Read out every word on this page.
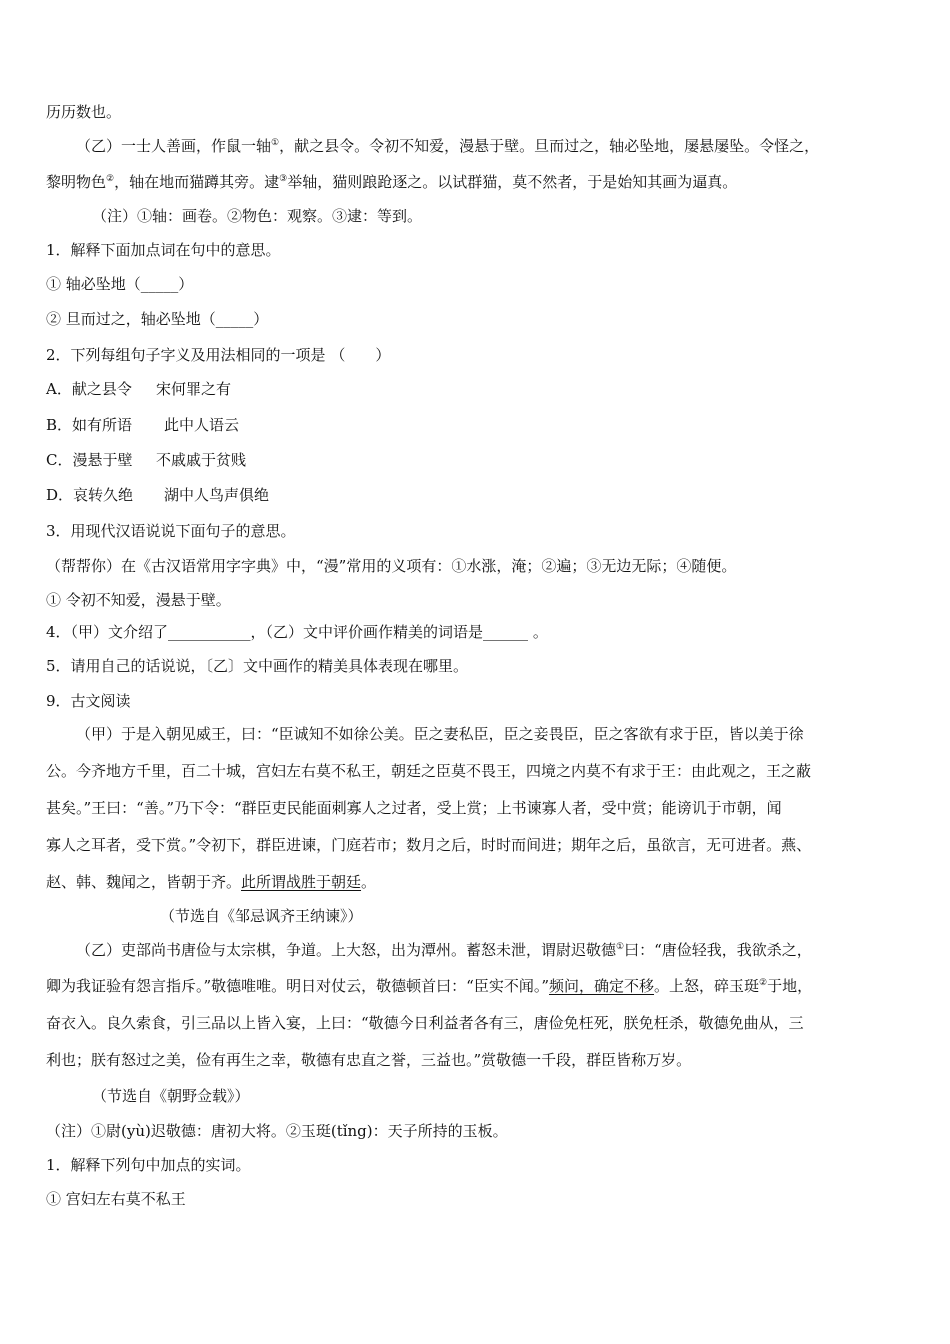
历历数也。
（乙）一士人善画，作鼠一轴①，献之县令。令初不知爱，漫悬于壁。旦而过之，轴必坠地，屡悬屡坠。令怪之，
黎明物色②，轴在地而猫蹲其旁。逮③举轴，猫则踉跄逐之。以试群猫，莫不然者，于是始知其画为逼真。
（注）①轴：画卷。②物色：观察。③逮：等到。
1．解释下面加点词在句中的意思。
① 轴必坠地（_____）
② 旦而过之，轴必坠地（_____）
2．下列每组句子字义及用法相同的一项是 （　　）
A．献之县令 宋何罪之有
B．如有所语 此中人语云
C．漫悬于壁 不戚戚于贫贱
D．哀转久绝 湖中人鸟声俱绝
3．用现代汉语说说下面句子的意思。
（帮帮你）在《古汉语常用字字典》中，“漫”常用的义项有：①水涨，淹；②遍；③无边无际；④随便。
① 令初不知爱，漫悬于壁。
4．（甲）文介绍了___________，（乙）文中评价画作精美的词语是______ 。
5．请用自己的话说说，〔乙〕文中画作的精美具体表现在哪里。
9．古文阅读
（甲）于是入朝见威王，曰：“臣诚知不如徐公美。臣之妻私臣，臣之妾畏臣，臣之客欲有求于臣，皆以美于徐
公。今齐地方千里，百二十城，宫妇左右莫不私王，朝廷之臣莫不畏王，四境之内莫不有求于王：由此观之，王之蔽
甚矣。”王曰：“善。”乃下令：“群臣吏民能面刺寡人之过者，受上赏；上书谏寡人者，受中赏；能谤讥于市朝，闻
寡人之耳者，受下赏。”令初下，群臣进谏，门庭若市；数月之后，时时而间进；期年之后，虽欲言，无可进者。燕、
赵、韩、魏闻之，皆朝于齐。此所谓战胜于朝廷。
（节选自《邹忌讽齐王纳谏》）
（乙）吏部尚书唐俭与太宗棋，争道。上大怒，出为潭州。蓄怒未泄，谓尉迟敬德①曰：“唐俭轻我，我欲杀之，
卿为我证验有怨言指斥。”敬德唯唯。明日对仗云，敬德顿首曰：“臣实不闻。”频问，确定不移。上怒，碎玉珽②于地，
奋衣入。良久索食，引三品以上皆入宴，上曰：“敬德今日利益者各有三，唐俭免枉死，朕免枉杀，敬德免曲从，三
利也；朕有怒过之美，俭有再生之幸，敬德有忠直之誉，三益也。”赏敬德一千段，群臣皆称万岁。
（节选自《朝野佥载》）
（注）①尉(yù)迟敬德：唐初大将。②玉珽(tǐng)：天子所持的玉板。
1．解释下列句中加点的实词。
① 宫妇左右莫不私王
